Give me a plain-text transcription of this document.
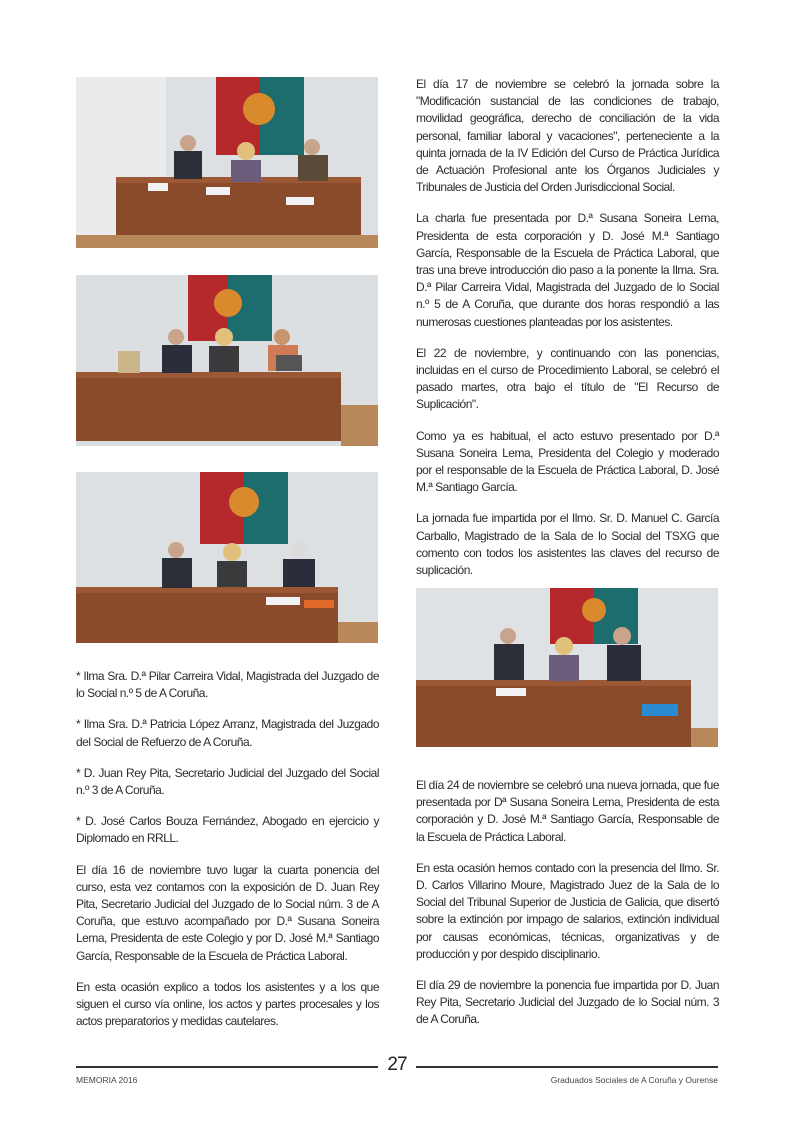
El día 17 de noviembre se celebró la jornada sobre la "Modificación sustancial de las condiciones de trabajo, movilidad geográfica, derecho de conciliación de la vida personal, familiar laboral y vacaciones", perteneciente a la quinta jornada de la IV Edición del Curso de Práctica Jurídica de Actuación Profesional ante los Órganos Judiciales y Tribunales de Justicia del Orden Jurisdiccional Social.

La charla fue presentada por D.ª Susana Soneira Lema, Presidenta de esta corporación y D. José M.ª Santiago García, Responsable de la Escuela de Práctica Laboral, que tras una breve introducción dio paso a la ponente la Ilma. Sra. D.ª Pilar Carreira Vidal, Magistrada del Juzgado de lo Social n.º 5 de A Coruña, que durante dos horas respondió a las numerosas cuestiones planteadas por los asistentes.

El 22 de noviembre, y continuando con las ponencias, incluidas en el curso de Procedimiento Laboral, se celebró el pasado martes, otra bajo el título de "El Recurso de Suplicación".

Como ya es habitual, el acto estuvo presentado por D.ª Susana Soneira Lema, Presidenta del Colegio y moderado por el responsable de la Escuela de Práctica Laboral, D. José M.ª Santiago García.

La jornada fue impartida por el Ilmo. Sr. D. Manuel C. García Carballo, Magistrado de la Sala de lo Social del TSXG que comento con todos los asistentes las claves del recurso de suplicación.

El día 24 de noviembre se celebró una nueva jornada, que fue presentada por Dª Susana Soneira Lema, Presidenta de esta corporación y D. José M.ª Santiago García, Responsable de la Escuela de Práctica Laboral.

En esta ocasión hemos contado con la presencia del Ilmo. Sr. D. Carlos Villarino Moure, Magistrado Juez de la Sala de lo Social del Tribunal Superior de Justicia de Galicia, que disertó sobre la extinción por impago de salarios, extinción individual por causas económicas, técnicas, organizativas y de producción y por despido disciplinario.

El día 29 de noviembre la ponencia fue impartida por D. Juan Rey Pita, Secretario Judicial del Juzgado de lo Social núm. 3 de A Coruña.

* Ilma Sra. D.ª Pilar Carreira Vidal, Magistrada del Juzgado de lo Social n.º 5 de A Coruña.

* Ilma Sra. D.ª Patricia López Arranz, Magistrada del Juzgado del Social de Refuerzo de A Coruña.

* D. Juan Rey Pita, Secretario Judicial del Juzgado del Social n.º 3 de A Coruña.

* D. José Carlos Bouza Fernández, Abogado en ejercicio y Diplomado en RRLL.

El día 16 de noviembre tuvo lugar la cuarta ponencia del curso, esta vez contamos con la exposición de D. Juan Rey Pita, Secretario Judicial del Juzgado de lo Social núm. 3 de A Coruña, que estuvo acompañado por D.ª Susana Soneira Lema, Presidenta de este Colegio y por D. José M.ª Santiago García, Responsable de la Escuela de Práctica Laboral.

En esta ocasión explico a todos los asistentes y a los que siguen el curso vía online, los actos y partes procesales y los actos preparatorios y medidas cautelares.

27
MEMORIA 2016	Graduados Sociales de A Coruña y Ourense
